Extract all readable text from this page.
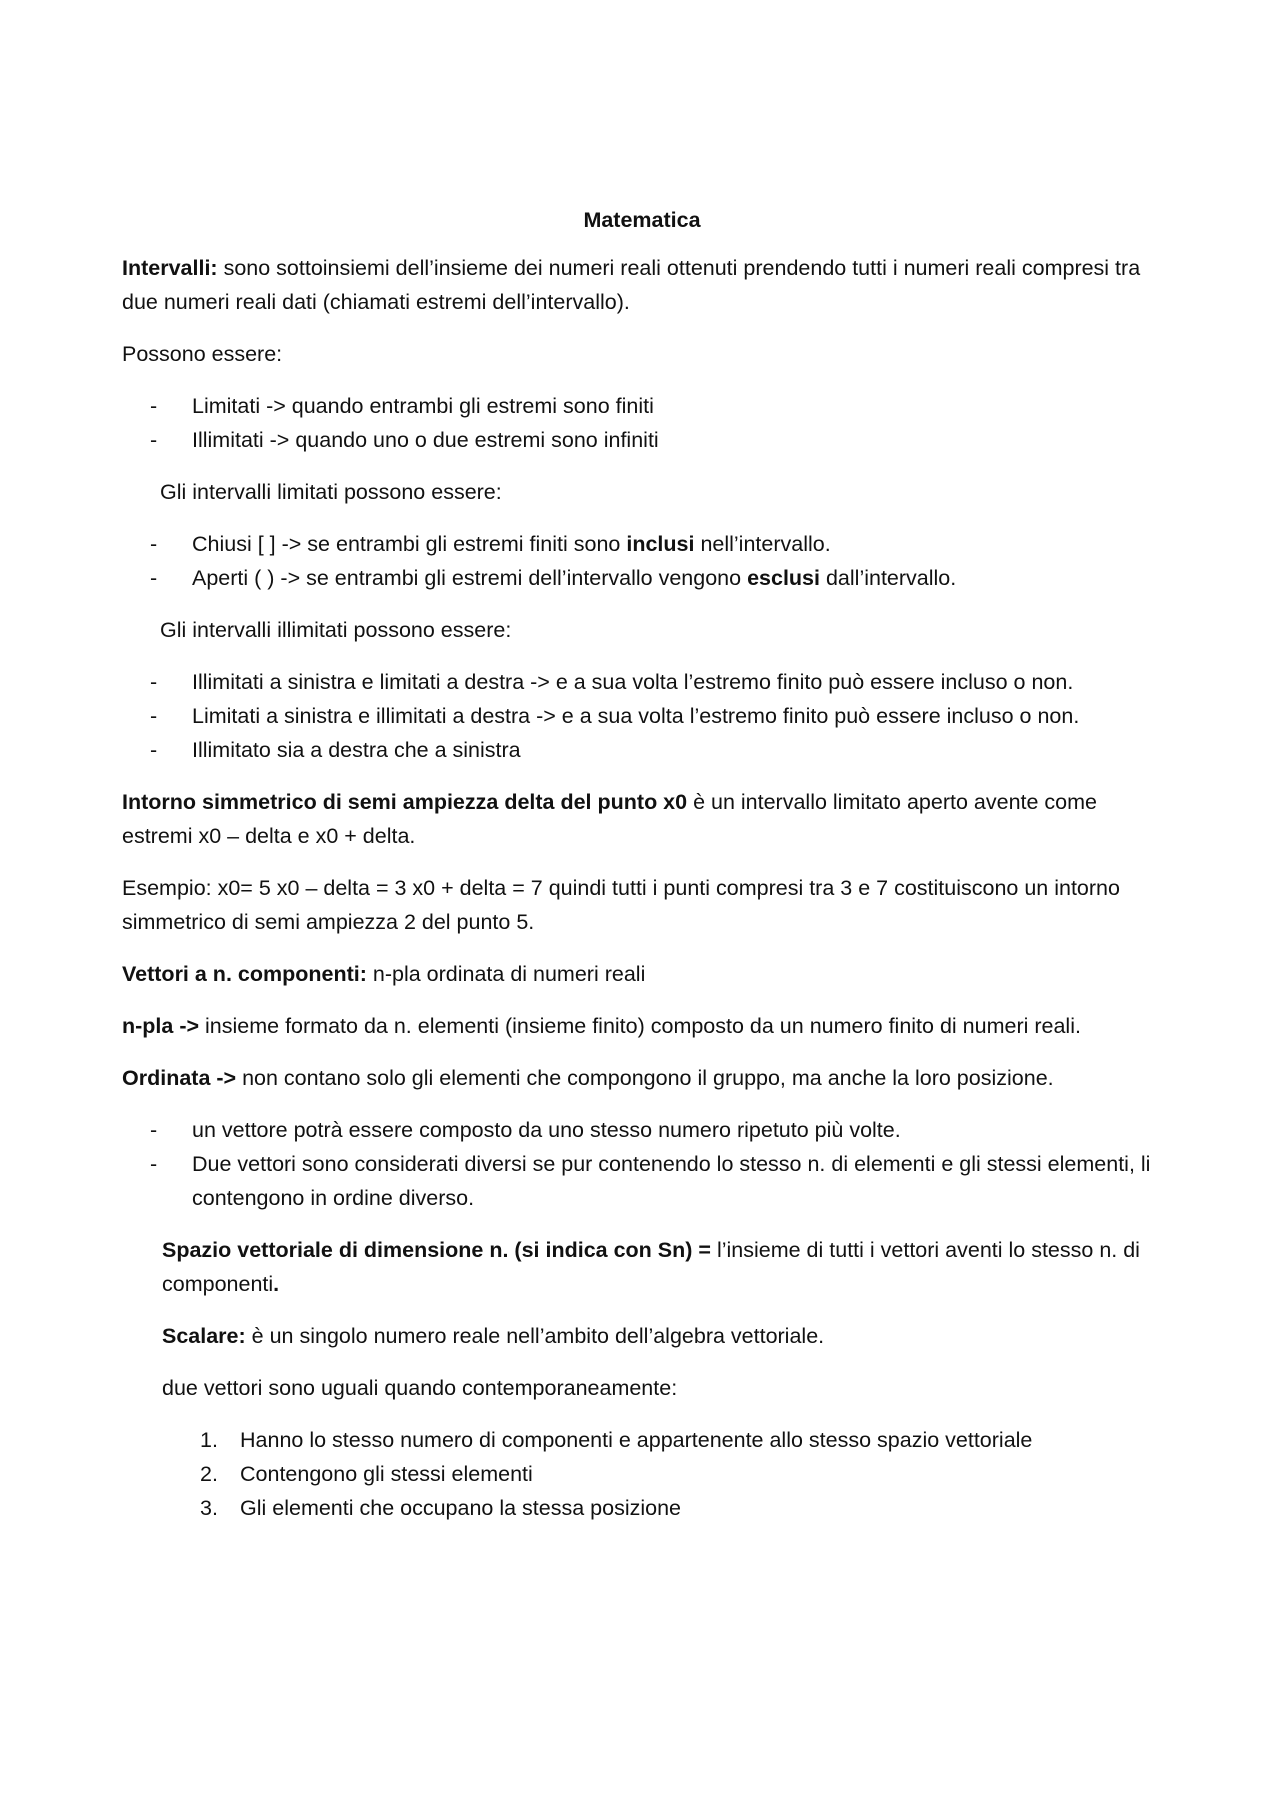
Matematica

Intervalli: sono sottoinsiemi dell’insieme dei numeri reali ottenuti prendendo tutti i numeri reali compresi tra due numeri reali dati (chiamati estremi dell’intervallo).

Possono essere:

- Limitati -> quando entrambi gli estremi sono finiti
- Illimitati -> quando uno o due estremi sono infiniti

Gli intervalli limitati possono essere:

- Chiusi [ ] -> se entrambi gli estremi finiti sono inclusi nell’intervallo.
- Aperti ( ) -> se entrambi gli estremi dell’intervallo vengono esclusi dall’intervallo.

Gli intervalli illimitati possono essere:

- Illimitati a sinistra e limitati a destra -> e a sua volta l’estremo finito può essere incluso o non.
- Limitati a sinistra e illimitati a destra -> e a sua volta l’estremo finito può essere incluso o non.
- Illimitato sia a destra che a sinistra

Intorno simmetrico di semi ampiezza delta del punto x0 è un intervallo limitato aperto avente come estremi x0 – delta e x0 + delta.

Esempio: x0= 5 x0 – delta = 3 x0 + delta = 7 quindi tutti i punti compresi tra 3 e 7 costituiscono un intorno simmetrico di semi ampiezza 2 del punto 5.

Vettori a n. componenti: n-pla ordinata di numeri reali

n-pla -> insieme formato da n. elementi (insieme finito) composto da un numero finito di numeri reali.

Ordinata -> non contano solo gli elementi che compongono il gruppo, ma anche la loro posizione.

- un vettore potrà essere composto da uno stesso numero ripetuto più volte.
- Due vettori sono considerati diversi se pur contenendo lo stesso n. di elementi e gli stessi elementi, li contengono in ordine diverso.

Spazio vettoriale di dimensione n. (si indica con Sn) = l’insieme di tutti i vettori aventi lo stesso n. di componenti.

Scalare: è un singolo numero reale nell’ambito dell’algebra vettoriale.

due vettori sono uguali quando contemporaneamente:

1. Hanno lo stesso numero di componenti e appartenente allo stesso spazio vettoriale
2. Contengono gli stessi elementi
3. Gli elementi che occupano la stessa posizione
